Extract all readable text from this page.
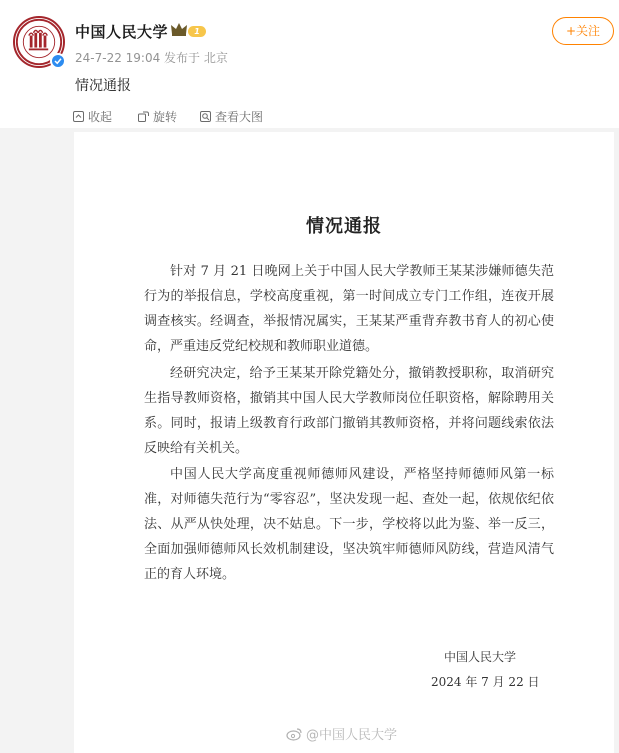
中国人民大学	1
24-7-22 19:04 发布于 北京
+关注
情况通报
收起	旋转	查看大图
情况通报

针对 7 月 21 日晚网上关于中国人民大学教师王某某涉嫌师德失范行为的举报信息，学校高度重视，第一时间成立专门工作组，连夜开展调查核实。经调查，举报情况属实，王某某严重背弃教书育人的初心使命，严重违反党纪校规和教师职业道德。

经研究决定，给予王某某开除党籍处分，撤销教授职称，取消研究生指导教师资格，撤销其中国人民大学教师岗位任职资格，解除聘用关系。同时，报请上级教育行政部门撤销其教师资格，并将问题线索依法反映给有关机关。

中国人民大学高度重视师德师风建设，严格坚持师德师风第一标准，对师德失范行为“零容忍”，坚决发现一起、查处一起，依规依纪依法、从严从快处理，决不姑息。下一步，学校将以此为鉴、举一反三，全面加强师德师风长效机制建设，坚决筑牢师德师风防线，营造风清气正的育人环境。

中国人民大学
2024 年 7 月 22 日
@中国人民大学
